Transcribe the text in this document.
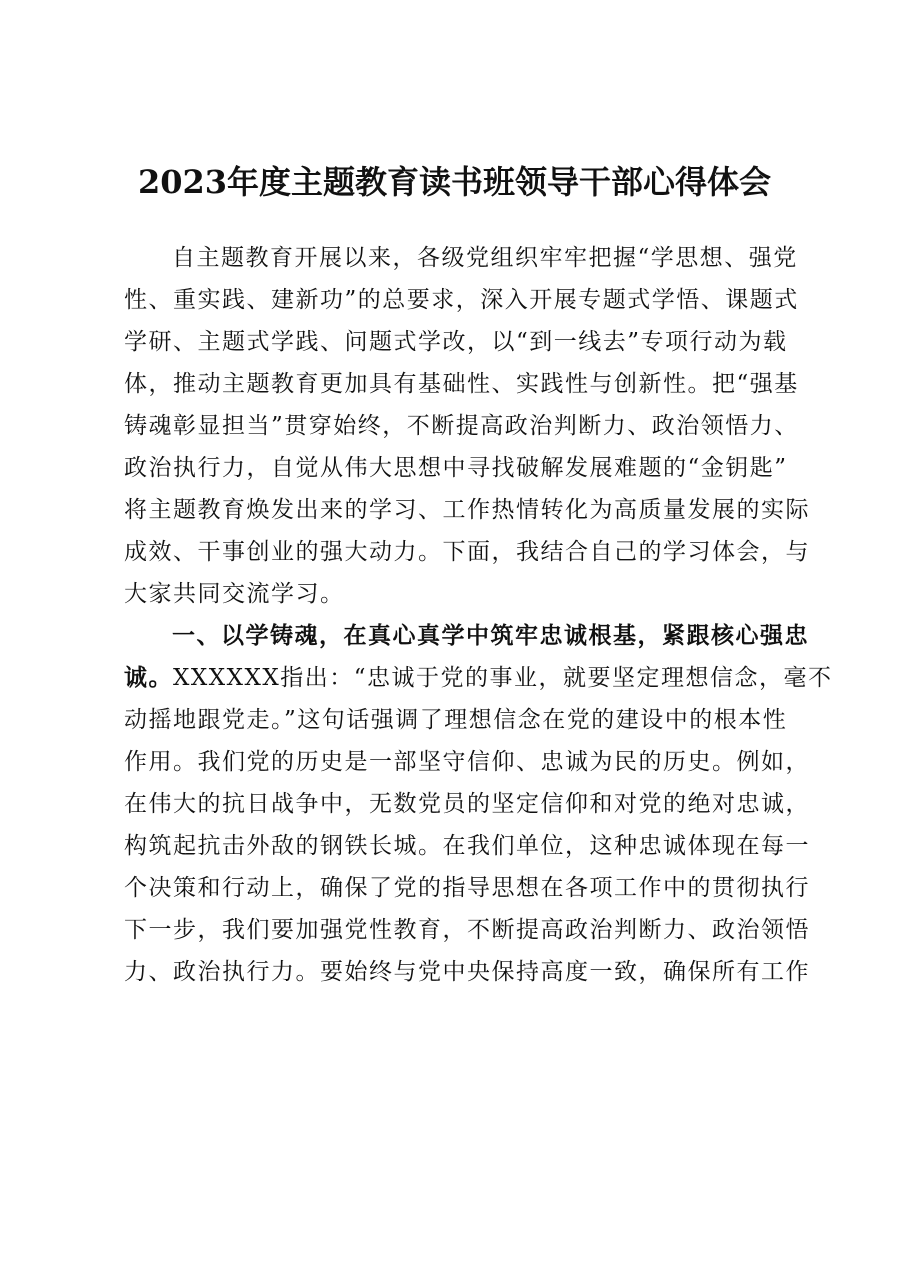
2023年度主题教育读书班领导干部心得体会
自主题教育开展以来，各级党组织牢牢把握“学思想、强党
性、重实践、建新功”的总要求，深入开展专题式学悟、课题式
学研、主题式学践、问题式学改，以“到一线去”专项行动为载
体，推动主题教育更加具有基础性、实践性与创新性。把“强基
铸魂彰显担当”贯穿始终，不断提高政治判断力、政治领悟力、
政治执行力，自觉从伟大思想中寻找破解发展难题的“金钥匙”
将主题教育焕发出来的学习、工作热情转化为高质量发展的实际
成效、干事创业的强大动力。下面，我结合自己的学习体会，与
大家共同交流学习。
一、以学铸魂，在真心真学中筑牢忠诚根基，紧跟核心强忠
诚。XXXXXX指出：“忠诚于党的事业，就要坚定理想信念，毫不
动摇地跟党走。”这句话强调了理想信念在党的建设中的根本性
作用。我们党的历史是一部坚守信仰、忠诚为民的历史。例如，
在伟大的抗日战争中，无数党员的坚定信仰和对党的绝对忠诚，
构筑起抗击外敌的钢铁长城。在我们单位，这种忠诚体现在每一
个决策和行动上，确保了党的指导思想在各项工作中的贯彻执行
下一步，我们要加强党性教育，不断提高政治判断力、政治领悟
力、政治执行力。要始终与党中央保持高度一致，确保所有工作
